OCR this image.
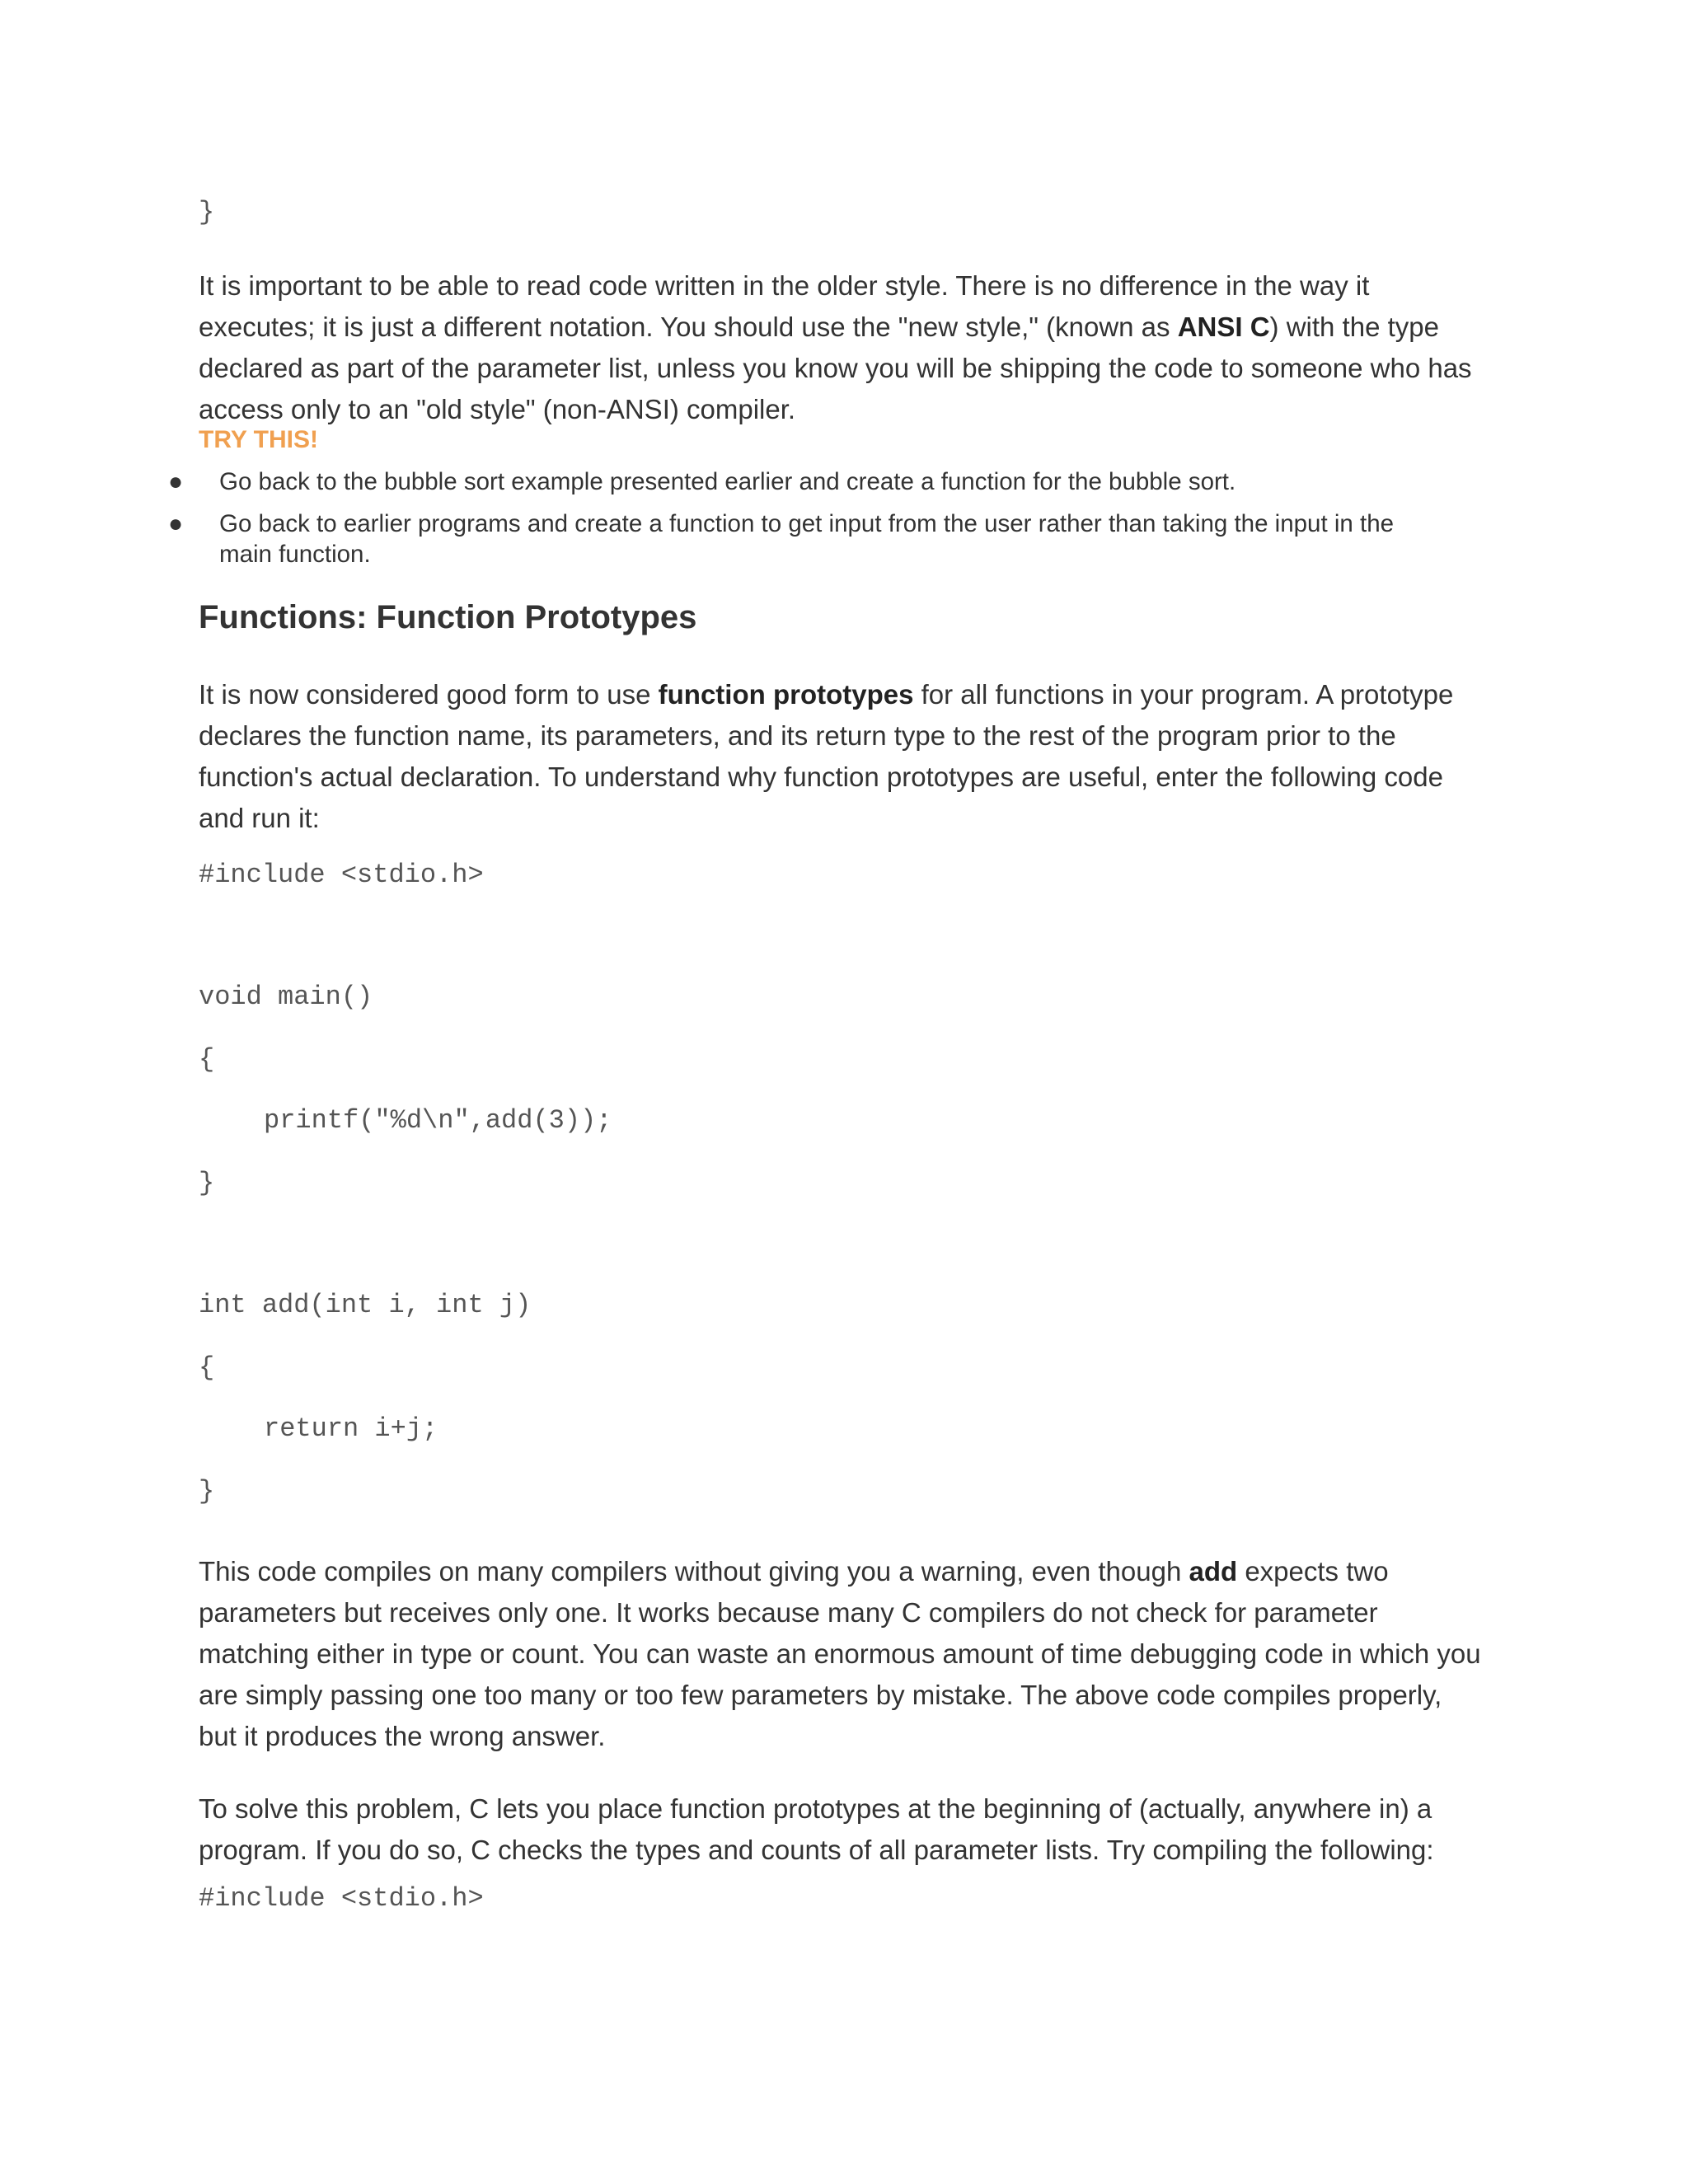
}
It is important to be able to read code written in the older style. There is no difference in the way it executes; it is just a different notation. You should use the "new style," (known as ANSI C) with the type declared as part of the parameter list, unless you know you will be shipping the code to someone who has access only to an "old style" (non-ANSI) compiler.
TRY THIS!
● Go back to the bubble sort example presented earlier and create a function for the bubble sort.
● Go back to earlier programs and create a function to get input from the user rather than taking the input in the main function.
Functions: Function Prototypes
It is now considered good form to use function prototypes for all functions in your program. A prototype declares the function name, its parameters, and its return type to the rest of the program prior to the function's actual declaration. To understand why function prototypes are useful, enter the following code and run it:
#include <stdio.h>
void main()
{
printf("%d\n",add(3));
}
int add(int i, int j)
{
return i+j;
}
This code compiles on many compilers without giving you a warning, even though add expects two parameters but receives only one. It works because many C compilers do not check for parameter matching either in type or count. You can waste an enormous amount of time debugging code in which you are simply passing one too many or too few parameters by mistake. The above code compiles properly, but it produces the wrong answer.
To solve this problem, C lets you place function prototypes at the beginning of (actually, anywhere in) a program. If you do so, C checks the types and counts of all parameter lists. Try compiling the following:
#include <stdio.h>
